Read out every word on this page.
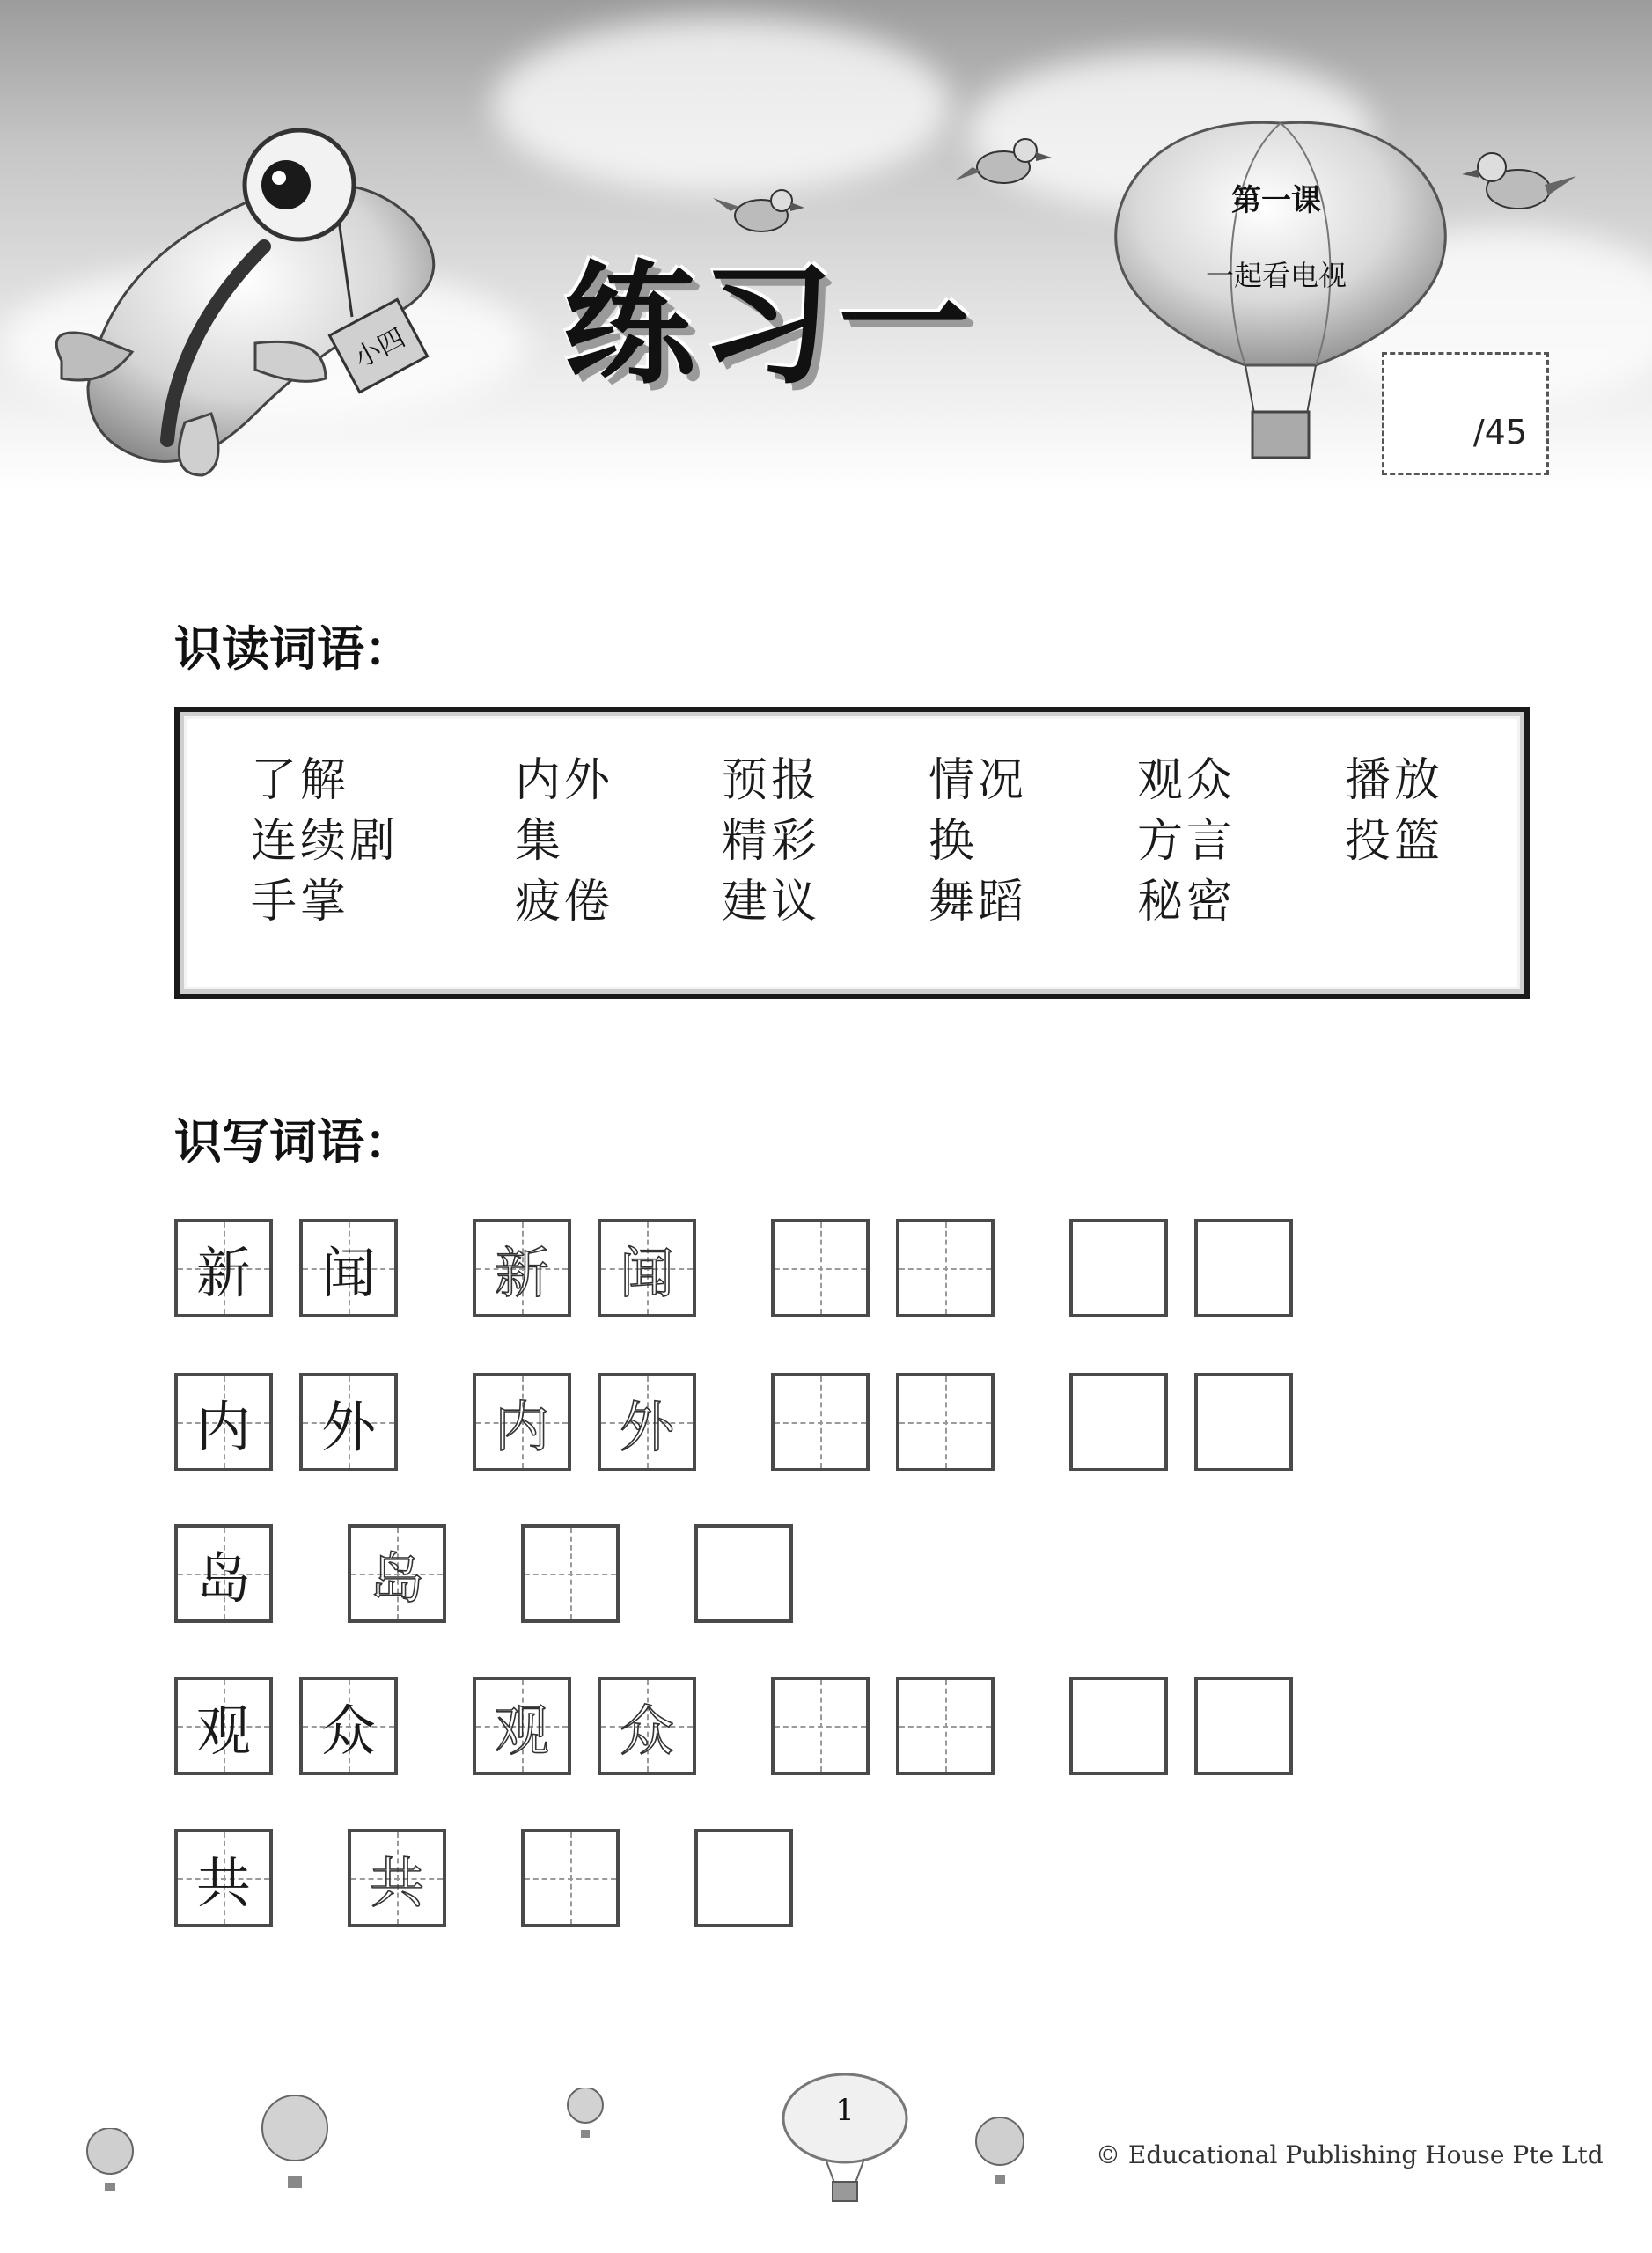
小四
第一课
一起看电视
练习一
/45
识读词语：
了解	内外 预报 情况 观众 播放
连续剧	集	精彩 换	方言 投篮
手掌	疲倦 建议 舞蹈 秘密
识写词语：
新	闻	新	闻
内	外	内	外
岛	岛
观	众	观	众
共	共
1
© Educational Publishing House Pte Ltd
